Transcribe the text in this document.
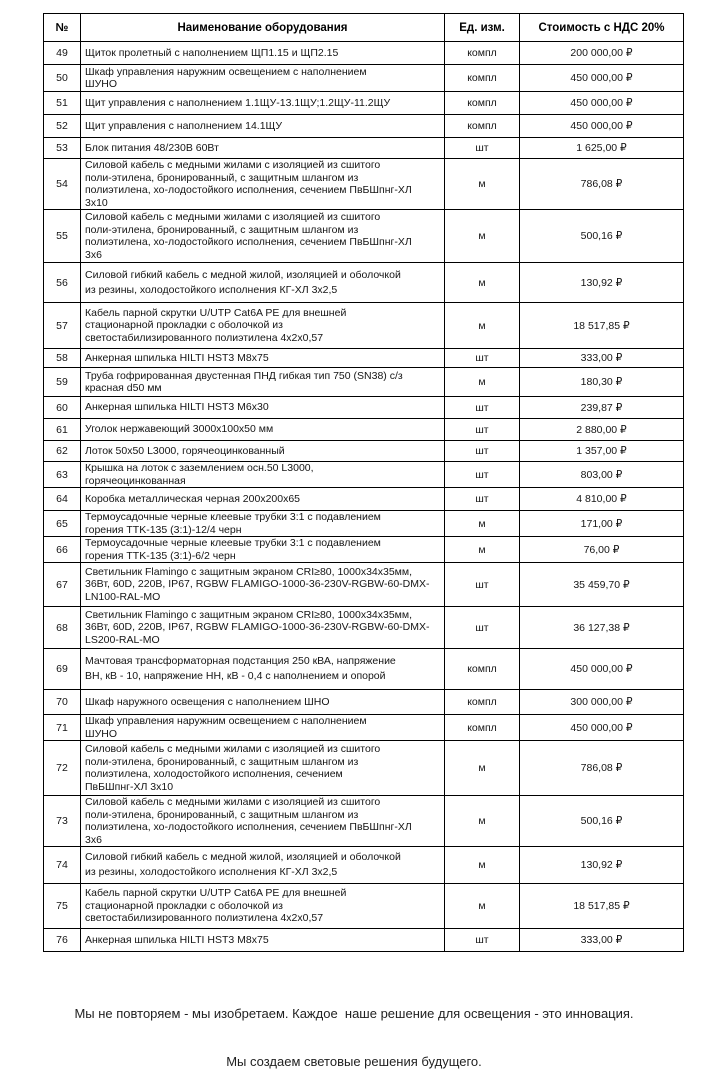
№	Наименование оборудования	Ед. изм.	Стоимость с НДС 20%
49	Щиток пролетный с наполнением ЩП1.15 и ЩП2.15	компл	200 000,00 ₽
50	Шкаф управления наружним освещением с наполнением
ШУНО	компл	450 000,00 ₽
51	Щит управления с наполнением 1.1ЩУ-13.1ЩУ;1.2ЩУ-11.2ЩУ	компл	450 000,00 ₽
52	Щит управления с наполнением 14.1ЩУ	компл	450 000,00 ₽
53	Блок питания 48/230В 60Вт	шт	1 625,00 ₽
54	Силовой кабель с медными жилами с изоляцией из сшитого
поли-этилена, бронированный, с защитным шлангом из
полиэтилена, хо-лодостойкого исполнения, сечением ПвБШпнг-ХЛ
3х10	м	786,08 ₽
55	Силовой кабель с медными жилами с изоляцией из сшитого
поли-этилена, бронированный, с защитным шлангом из
полиэтилена, хо-лодостойкого исполнения, сечением ПвБШпнг-ХЛ
3х6	м	500,16 ₽
56	Силовой гибкий кабель с медной жилой, изоляцией и оболочкой
из резины, холодостойкого исполнения КГ-ХЛ 3х2,5	м	130,92 ₽
57	Кабель парной скрутки U/UTP Cat6A PE для внешней
стационарной прокладки с оболочкой из
светостабилизированного полиэтилена 4х2х0,57	м	18 517,85 ₽
58	Анкерная шпилька HILTI HST3 M8х75	шт	333,00 ₽
59	Труба гофрированная двустенная ПНД гибкая тип 750 (SN38) с/з
красная d50 мм	м	180,30 ₽
60	Анкерная шпилька HILTI HST3 M6х30	шт	239,87 ₽
61	Уголок нержавеющий 3000х100х50 мм	шт	2 880,00 ₽
62	Лоток 50х50 L3000, горячеоцинкованный	шт	1 357,00 ₽
63	Крышка на лоток с заземлением осн.50 L3000,
горячеоцинкованная	шт	803,00 ₽
64	Коробка металлическая черная 200х200х65	шт	4 810,00 ₽
65	Термоусадочные черные клеевые трубки 3:1 с подавлением
горения TTK-135 (3:1)-12/4 черн	м	171,00 ₽
66	Термоусадочные черные клеевые трубки 3:1 с подавлением
горения TTK-135 (3:1)-6/2 черн	м	76,00 ₽
67	Светильник Flamingo с защитным экраном CRI≥80, 1000х34х35мм,
36Вт, 60D, 220В, IP67, RGBW FLAMIGO-1000-36-230V-RGBW-60-DMX-
LN100-RAL-MO	шт	35 459,70 ₽
68	Светильник Flamingo с защитным экраном CRI≥80, 1000х34х35мм,
36Вт, 60D, 220В, IP67, RGBW FLAMIGO-1000-36-230V-RGBW-60-DMX-
LS200-RAL-MO	шт	36 127,38 ₽
69	Мачтовая трансформаторная подстанция 250 кВА, напряжение
ВН, кВ - 10, напряжение НН, кВ - 0,4 с наполнением и опорой	компл	450 000,00 ₽
70	Шкаф наружного освещения с наполнением ШНО	компл	300 000,00 ₽
71	Шкаф управления наружним освещением с наполнением
ШУНО	компл	450 000,00 ₽
72	Силовой кабель с медными жилами с изоляцией из сшитого
поли-этилена, бронированный, с защитным шлангом из
полиэтилена, холодостойкого исполнения, сечением
ПвБШпнг-ХЛ 3х10	м	786,08 ₽
73	Силовой кабель с медными жилами с изоляцией из сшитого
поли-этилена, бронированный, с защитным шлангом из
полиэтилена, хо-лодостойкого исполнения, сечением ПвБШпнг-ХЛ
3х6	м	500,16 ₽
74	Силовой гибкий кабель с медной жилой, изоляцией и оболочкой
из резины, холодостойкого исполнения КГ-ХЛ 3х2,5	м	130,92 ₽
75	Кабель парной скрутки U/UTP Cat6A PE для внешней
стационарной прокладки с оболочкой из
светостабилизированного полиэтилена 4х2х0,57	м	18 517,85 ₽
76	Анкерная шпилька HILTI HST3 M8х75	шт	333,00 ₽

Мы не повторяем - мы изобретаем. Каждое  наше решение для освещения - это инновация.

Мы создаем световые решения будущего.
